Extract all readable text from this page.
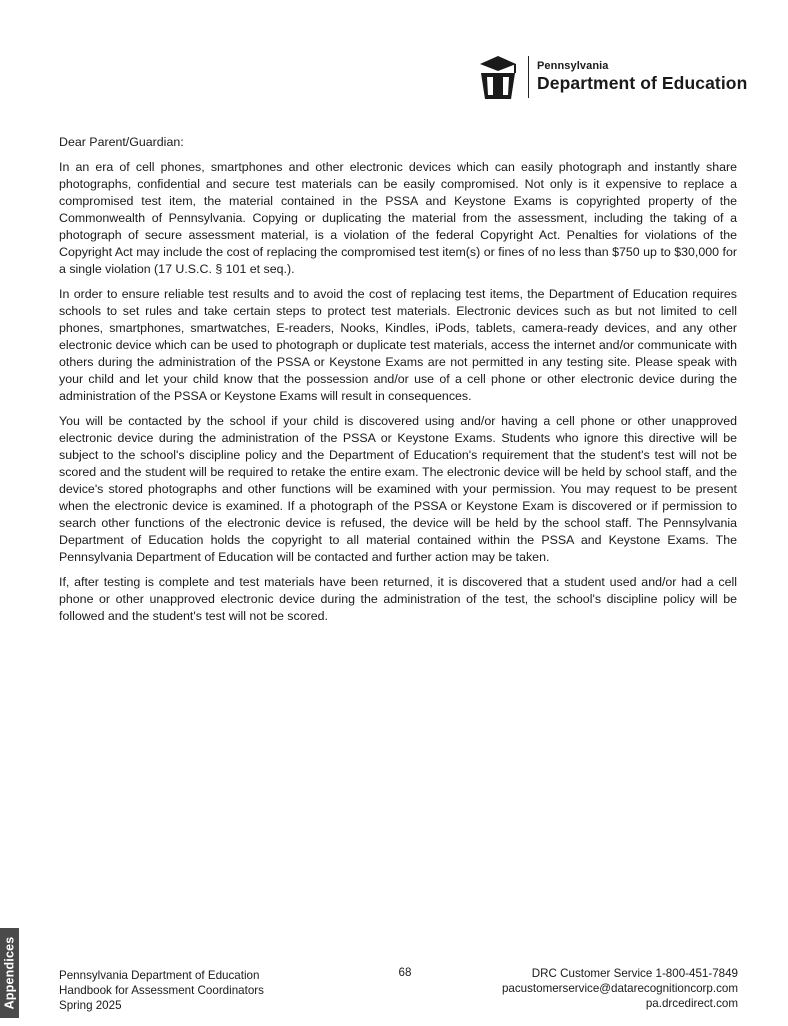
Pennsylvania
Department of Education

Dear Parent/Guardian:

In an era of cell phones, smartphones and other electronic devices which can easily photograph and instantly share photographs, confidential and secure test materials can be easily compromised. Not only is it expensive to replace a compromised test item, the material contained in the PSSA and Keystone Exams is copyrighted property of the Commonwealth of Pennsylvania. Copying or duplicating the material from the assessment, including the taking of a photograph of secure assessment material, is a violation of the federal Copyright Act. Penalties for violations of the Copyright Act may include the cost of replacing the compromised test item(s) or fines of no less than $750 up to $30,000 for a single violation (17 U.S.C. § 101 et seq.).

In order to ensure reliable test results and to avoid the cost of replacing test items, the Department of Education requires schools to set rules and take certain steps to protect test materials. Electronic devices such as but not limited to cell phones, smartphones, smartwatches, E-readers, Nooks, Kindles, iPods, tablets, camera-ready devices, and any other electronic device which can be used to photograph or duplicate test materials, access the internet and/or communicate with others during the administration of the PSSA or Keystone Exams are not permitted in any testing site. Please speak with your child and let your child know that the possession and/or use of a cell phone or other electronic device during the administration of the PSSA or Keystone Exams will result in consequences.

You will be contacted by the school if your child is discovered using and/or having a cell phone or other unapproved electronic device during the administration of the PSSA or Keystone Exams. Students who ignore this directive will be subject to the school's discipline policy and the Department of Education's requirement that the student's test will not be scored and the student will be required to retake the entire exam. The electronic device will be held by school staff, and the device's stored photographs and other functions will be examined with your permission. You may request to be present when the electronic device is examined. If a photograph of the PSSA or Keystone Exam is discovered or if permission to search other functions of the electronic device is refused, the device will be held by the school staff. The Pennsylvania Department of Education holds the copyright to all material contained within the PSSA and Keystone Exams. The Pennsylvania Department of Education will be contacted and further action may be taken.

If, after testing is complete and test materials have been returned, it is discovered that a student used and/or had a cell phone or other unapproved electronic device during the administration of the test, the school's discipline policy will be followed and the student's test will not be scored.

Appendices	Pennsylvania Department of Education
Handbook for Assessment Coordinators
Spring 2025
68	DRC Customer Service 1-800-451-7849
pacustomerservice@datarecognitioncorp.com
pa.drcedirect.com
